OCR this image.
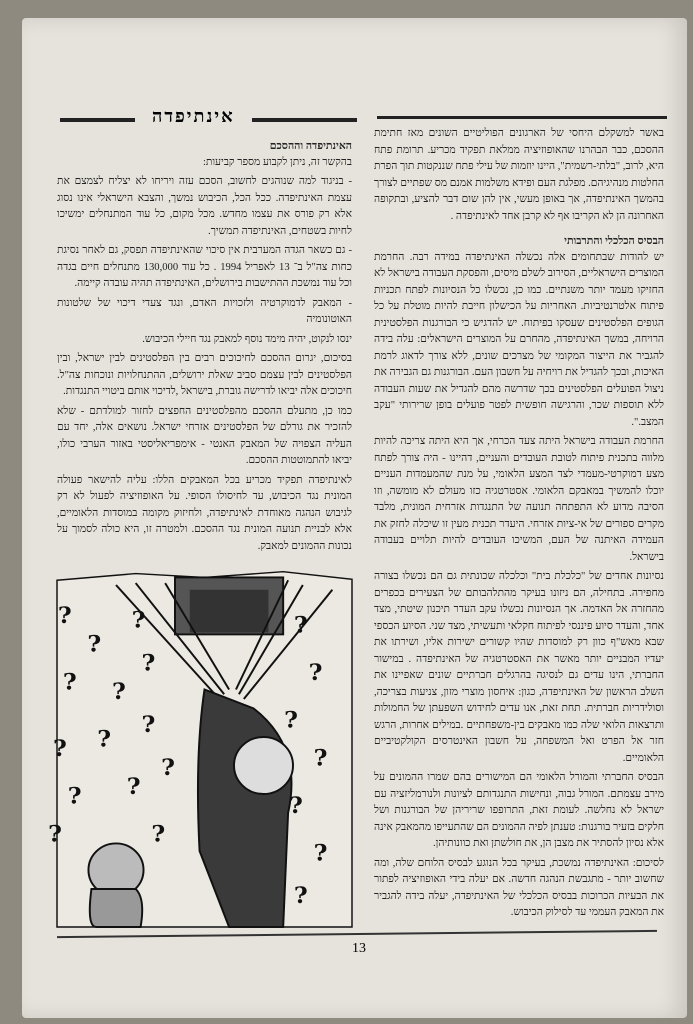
אינתיפדה
האינתיפדה וההסכם

בהקשר זה, ניתן לקבוע מספר קביעות:

- בניגוד למה שנוהגים לחשוב, הסכם עזה ויריחו לא יצליח לצמצם את עצמת האינתיפדה. ככל הכל, הכיבוש נמשך, והצבא הישראלי אינו נסוג אלא רק פורס את עצמו מחדש. מכל מקום, כל עוד המתנחלים ימשיכו לחיות בשטחים, האינתיפדה תמשיך.

- גם כשאר הגדה המערבית אין סיכוי שהאינתיפדה תפסק, גם לאחר נסיגת כחות צה"ל ב־ 13 לאפריל 1994 . כל עוד 130,000 מתנחלים חיים בגדה וכל עוד נמשכת ההתישבות בירושלים, האינתיפדה תהיה עובדה קיימה.

- המאבק לדמוקרטיה ולזכויות האדם, ונגד צעדי דיכוי של שלטונות האוטונומיה

ינסו לנקוט, יהיה מימד נוסף למאבק נגד חיילי הכיבוש.

בסיכום, יגרום ההסכם לחיכוכים רבים בין הפלסטינים לבין ישראל, ובין הפלסטינים לבין עצמם סביב שאלת ירושלים, ההתנחלויות ונוכחות צה"ל. חיכוכים אלה יביאו לדרישה גוברת, בישראל ,לדיכוי אותם ביטויי התנגדות.

כמו כן, מתעלם ההסכם מהפלסטינים החפצים לחזור למולדתם - שלא להזכיר את גורלם של הפלסטינים אזרחי ישראל. נושאים אלה, יחד עם העליה הצפויה של המאבק האנטי - אימפריאליסטי באזור הערבי כולו, יביאו להתמוטטות ההסכם.

לאינתיפדה תפקיד מכריע בכל המאבקים הללו: עליה להישאר פעולה המונית נגד הכיבוש, עד לחיסולו הסופי. על האופוזיציה לפעול לא רק לגיבוש הנהגה מאוחדת לאינתיפדה, ולחיזוק מקומה במוסדות הלאומיים, אלא לבניית תנועה המונית נגד ההסכם. ולמטרה זו, היא כולה לסמוך על נכונות ההמונים למאבק.

?
?
?
? ?
?
? ?
?
? ?
?
?
?
?
?
?
?
?
?
?

באשר למשקלם היחסי של הארגונים הפוליטיים השונים מאז חתימת ההסכם, כבר הבהרנו שהאופוזיציה ממלאת תפקיד מכריע. תרומת פתח היא, לרוב, "בלתי-רשמית", היינו יוזמות של עילי פתח שננקטות תוך הפרת החלטות מנהיגיהם. מפלגת העם ופידא משלמות אמנם מס שפתיים לצורך בהמשך האינתיפדה, אך באופן מעשי, אין להן שום דבר להציע, ובתקופה האחרונה הן לא הקריבו אף לא קרבן אחד לאינתיפדה .

הבסיס הכלכלי והתרבותי

יש להודות שבתחומים אלה נכשלה האינתיפדה במידה רבה. החרמת המוצרים הישראליים, הסירוב לשלם מיסים, והפסקת העבודה בישראל לא החזיקו מעמד יותר משנתיים. כמו כן, נכשלו כל הנסיונות לפתח תכניות פיתוח אלטרנטיביות. האחריות על הכישלון חייבת להיות מוטלת על כל הגופים הפלסטינים שעסקו בפיתוח. יש להדגיש כי הבורגנות הפלסטינית הרויחה, במשך האינתיפדה, מהחרם על המוצרים הישראלים: עלה בידה להגביר את הייצור המקומי של מצרכים שונים, ללא צורך לדאוג לרמת האיכות, ובכך להגדיל את רויחיה על חשבון העם. הבורגנות גם הגבירה את ניצול הפועלים הפלסטינים בכך שדרשה מהם להגדיל את שעות העבודה ללא תוספות שכר, והרגישה חופשית לפטר פועלים בופן שרירותי "עקב המצב.".

החרמת העבודה בישראל היתה צעד הכרחי, אך היא היתה צריכה להיות מלווה בתכנית פיתוח לטובת העובדים והעניים, דהיינו - היה צורך לפתח מצע דמוקרטי-מעמדי לצד המצע הלאומי, על מנת שהמעמדות העניים יוכלו להמשיך במאבקם הלאומי. אסטרטגיה כזו מעולם לא מומשה, וזו הסיבה מדוע לא התפתחה תנועה של התנגדות אזרחית המונית, מלבד מקרים ספורים של אי-ציות אזרחי. היעדר תכנית מעין זו שיכלה לחזק את העמידה האיתנה של העם, המשיכו העובדים להיות תלויים בעבודה בישראל.

נסיונות אחדים של "כלכלת בית" וכלכלה שכונתית גם הם נכשלו בצורה מחפירה. בתחילה, הם ניזונו בעיקר מהתלהבותם של הצעירים בכפרים מהחזרה אל האדמה. אך הנסיונות נכשלו עקב העדר תיכנון שיטתי, מצד אחד, והעדר סיוע פיננסי לפיתוח חקלאי ותעשיתי, מצד שני. הסיוע הכספי שבא מאש"ף כוון רק למוסדות שהיו קשורים ישירות אליו, ושירתו את יעדיו המבניים יותר מאשר את האסטרטגיה של האינתיפדה . במישור החברתי, הינו עדים גם לנסיגה בהרגלים חברתיים שונים שאפיינו את השלב הראשון של האינתיפדה, כגון: איחסון מוצרי מזון, צניעות בצריכה, וסולידריות חברתית. תחת זאת, אנו עדים לחידוש השפעתן של החמולות ותרצאות הלואי שלה כמו מאבקים בין-משפחתיים .במילים אחרות, הרגש חזר אל הפרט ואל המשפחה, על חשבון האינטרסים הקולקטיביים הלאומיים.

הבסיס החברתי והמורל הלאומי הם המישורים בהם שמרו ההמונים על מירב עצמתם. המורל גבוה, ונחישות התנגדותם לציונות ולנורמליזציה עם ישראל לא נחלשה. לעומת זאת, התרופפו שריריהן של הבורגנות ושל חלקים בזעיר בורגנות: טענתן לפיה ההמונים הם שהתעייפו מהמאבק אינה אלא נסיון להסתיר את מצבן הן, את חולשתן ואת כוונותיהן.

לסיכום: האינתיפדה נמשכת, בעיקר בכל הנוגע לבסיס הלוחם שלה, ומה שחשוב יותר - מתגבשת הנהגה חדשה. אם יעלה בידי האופוזיציה לפתור את הבעיות הכרוכות בבסיס הכלכלי של האינתיפדה, יעלה בידה להגביר את המאבק העממי עד לסילוק הכיבוש.

13
